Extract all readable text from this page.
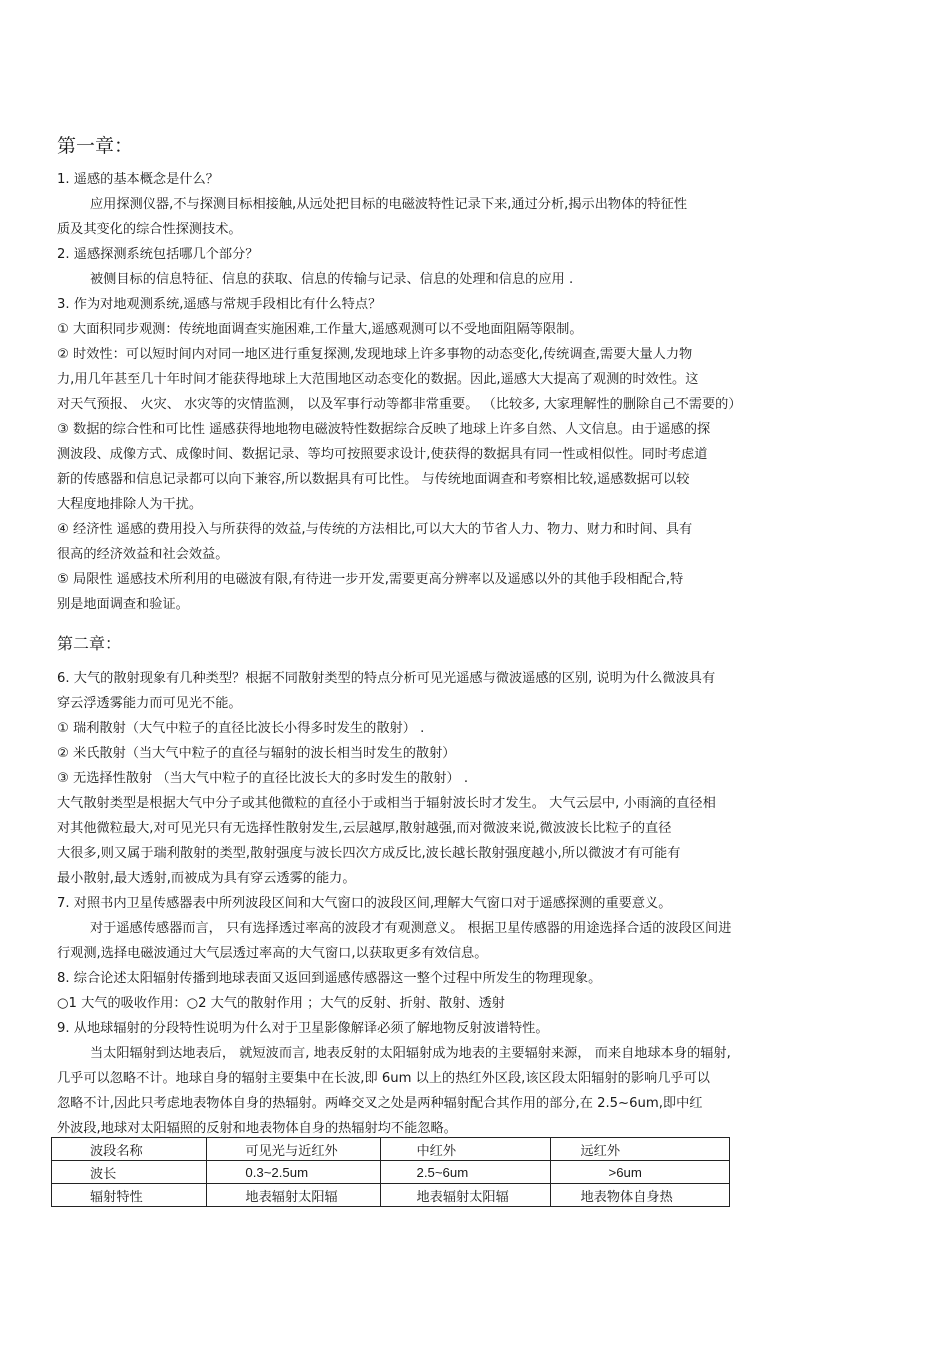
第一章：
1. 遥感的基本概念是什么？
应用探测仪器,不与探测目标相接触,从远处把目标的电磁波特性记录下来,通过分析,揭示出物体的特征性
质及其变化的综合性探测技术。
2. 遥感探测系统包括哪几个部分？
被侧目标的信息特征、信息的获取、信息的传输与记录、信息的处理和信息的应用 .
3. 作为对地观测系统,遥感与常规手段相比有什么特点？
① 大面积同步观测：传统地面调查实施困难,工作量大,遥感观测可以不受地面阻隔等限制。
② 时效性：可以短时间内对同一地区进行重复探测,发现地球上许多事物的动态变化,传统调查,需要大量人力物
力,用几年甚至几十年时间才能获得地球上大范围地区动态变化的数据。因此,遥感大大提高了观测的时效性。这
对天气预报、 火灾、 水灾等的灾情监测， 以及军事行动等都非常重要。 （比较多, 大家理解性的删除自己不需要的）
③ 数据的综合性和可比性 遥感获得地地物电磁波特性数据综合反映了地球上许多自然、人文信息。由于遥感的探
测波段、成像方式、成像时间、数据记录、等均可按照要求设计,使获得的数据具有同一性或相似性。同时考虑道
新的传感器和信息记录都可以向下兼容,所以数据具有可比性。 与传统地面调查和考察相比较,遥感数据可以较
大程度地排除人为干扰。
④ 经济性 遥感的费用投入与所获得的效益,与传统的方法相比,可以大大的节省人力、物力、财力和时间、具有
很高的经济效益和社会效益。
⑤ 局限性 遥感技术所利用的电磁波有限,有待进一步开发,需要更高分辨率以及遥感以外的其他手段相配合,特
别是地面调查和验证。
第二章：
6. 大气的散射现象有几种类型？根据不同散射类型的特点分析可见光遥感与微波遥感的区别, 说明为什么微波具有
穿云浮透雾能力而可见光不能。
① 瑞利散射（大气中粒子的直径比波长小得多时发生的散射） .
② 米氏散射（当大气中粒子的直径与辐射的波长相当时发生的散射）
③ 无选择性散射 （当大气中粒子的直径比波长大的多时发生的散射） .
大气散射类型是根据大气中分子或其他微粒的直径小于或相当于辐射波长时才发生。 大气云层中, 小雨滴的直径相
对其他微粒最大,对可见光只有无选择性散射发生,云层越厚,散射越强,而对微波来说,微波波长比粒子的直径
大很多,则又属于瑞利散射的类型,散射强度与波长四次方成反比,波长越长散射强度越小,所以微波才有可能有
最小散射,最大透射,而被成为具有穿云透雾的能力。
7. 对照书内卫星传感器表中所列波段区间和大气窗口的波段区间,理解大气窗口对于遥感探测的重要意义。
对于遥感传感器而言， 只有选择透过率高的波段才有观测意义。 根据卫星传感器的用途选择合适的波段区间进
行观测,选择电磁波通过大气层透过率高的大气窗口,以获取更多有效信息。
8. 综合论述太阳辐射传播到地球表面又返回到遥感传感器这一整个过程中所发生的物理现象。
○1 大气的吸收作用：○2 大气的散射作用 ；大气的反射、折射、散射、透射
9. 从地球辐射的分段特性说明为什么对于卫星影像解译必须了解地物反射波谱特性。
当太阳辐射到达地表后， 就短波而言, 地表反射的太阳辐射成为地表的主要辐射来源， 而来自地球本身的辐射,
几乎可以忽略不计。地球自身的辐射主要集中在长波,即 6um 以上的热红外区段,该区段太阳辐射的影响几乎可以
忽略不计,因此只考虑地表物体自身的热辐射。两峰交叉之处是两种辐射配合其作用的部分,在 2.5~6um,即中红
外波段,地球对太阳辐照的反射和地表物体自身的热辐射均不能忽略。
波段名称	可见光与近红外	中红外	远红外
波长	0.3~2.5um	2.5~6um	>6um
辐射特性	地表辐射太阳辐	地表辐射太阳辐	地表物体自身热
